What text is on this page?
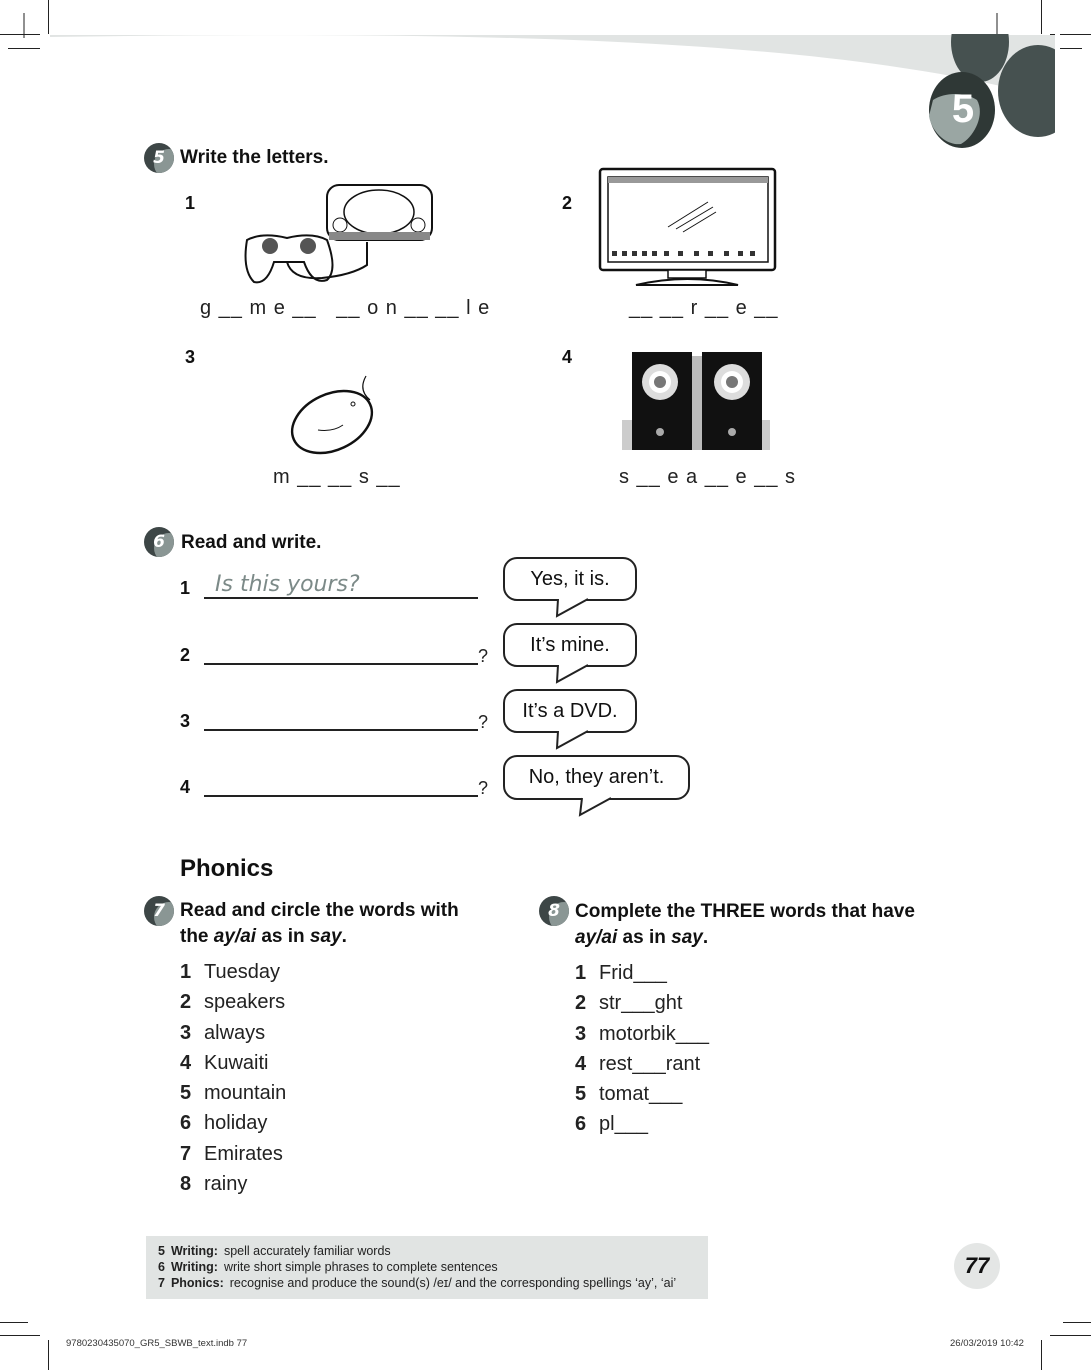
5
5 Write the letters.
1
g __ m e __   __ o n __ __ l e
2
__ __ r __ e __
3
m __ __ s __
4
s __ e a __ e __ s
6 Read and write.
1 Is this yours?	Yes, it is.
2	?	It’s mine.
3	?	It’s a DVD.
4	?	No, they aren’t.
Phonics
7 Read and circle the words with
the ay/ai as in say.
1 Tuesday
2 speakers
3 always
4 Kuwaiti
5 mountain
6 holiday
7 Emirates
8 rainy
8 Complete the THREE words that have
ay/ai as in say.
1 Frid___
2 str___ght
3 motorbik___
4 rest___rant
5 tomat___
6 pl___
5 Writing: spell accurately familiar words
6 Writing: write short simple phrases to complete sentences
7 Phonics: recognise and produce the sound(s) /eɪ/ and the corresponding spellings ‘ay’, ‘ai’
77
9780230435070_GR5_SBWB_text.indb 77	26/03/2019 10:42
